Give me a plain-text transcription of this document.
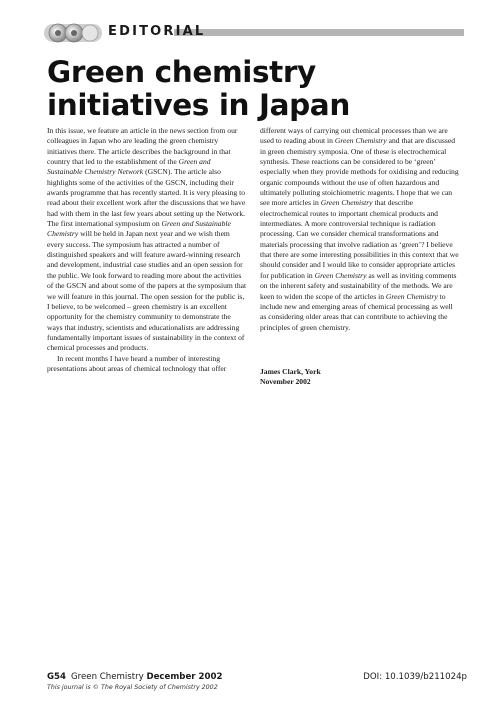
EDITORIAL
Green chemistry initiatives in Japan

In this issue, we feature an article in the news section from our colleagues in Japan who are leading the green chemistry initiatives there. The article describes the background in that country that led to the establishment of the Green and Sustainable Chemistry Network (GSCN). The article also highlights some of the activities of the GSCN, including their awards programme that has recently started. It is very pleasing to read about their excellent work after the discussions that we have had with them in the last few years about setting up the Network. The first international symposium on Green and Sustainable Chemistry will be held in Japan next year and we wish them every success. The symposium has attracted a number of distinguished speakers and will feature award-winning research and development, industrial case studies and an open session for the public. We look forward to reading more about the activities of the GSCN and about some of the papers at the symposium that we will feature in this journal. The open session for the public is, I believe, to be welcomed – green chemistry is an excellent opportunity for the chemistry community to demonstrate the ways that industry, scientists and educationalists are addressing fundamentally important issues of sustainability in the context of chemical processes and products.

In recent months I have heard a number of interesting presentations about areas of chemical technology that offer

different ways of carrying out chemical processes than we are used to reading about in Green Chemistry and that are discussed in green chemistry symposia. One of these is electrochemical synthesis. These reactions can be considered to be ‘green’ especially when they provide methods for oxidising and reducing organic compounds without the use of often hazardous and ultimately polluting stoichiometric reagents. I hope that we can see more articles in Green Chemistry that describe electrochemical routes to important chemical products and intermediates. A more controversial technique is radiation processing. Can we consider chemical transformations and materials processing that involve radiation as ‘green’? I believe that there are some interesting possibilities in this context that we should consider and I would like to consider appropriate articles for publication in Green Chemistry as well as inviting comments on the inherent safety and sustainability of the methods. We are keen to widen the scope of the articles in Green Chemistry to include new and emerging areas of chemical processing as well as considering older areas that can contribute to achieving the principles of green chemistry.

James Clark, York
November 2002

G54 Green Chemistry December 2002	DOI: 10.1039/b211024p
This journal is © The Royal Society of Chemistry 2002
